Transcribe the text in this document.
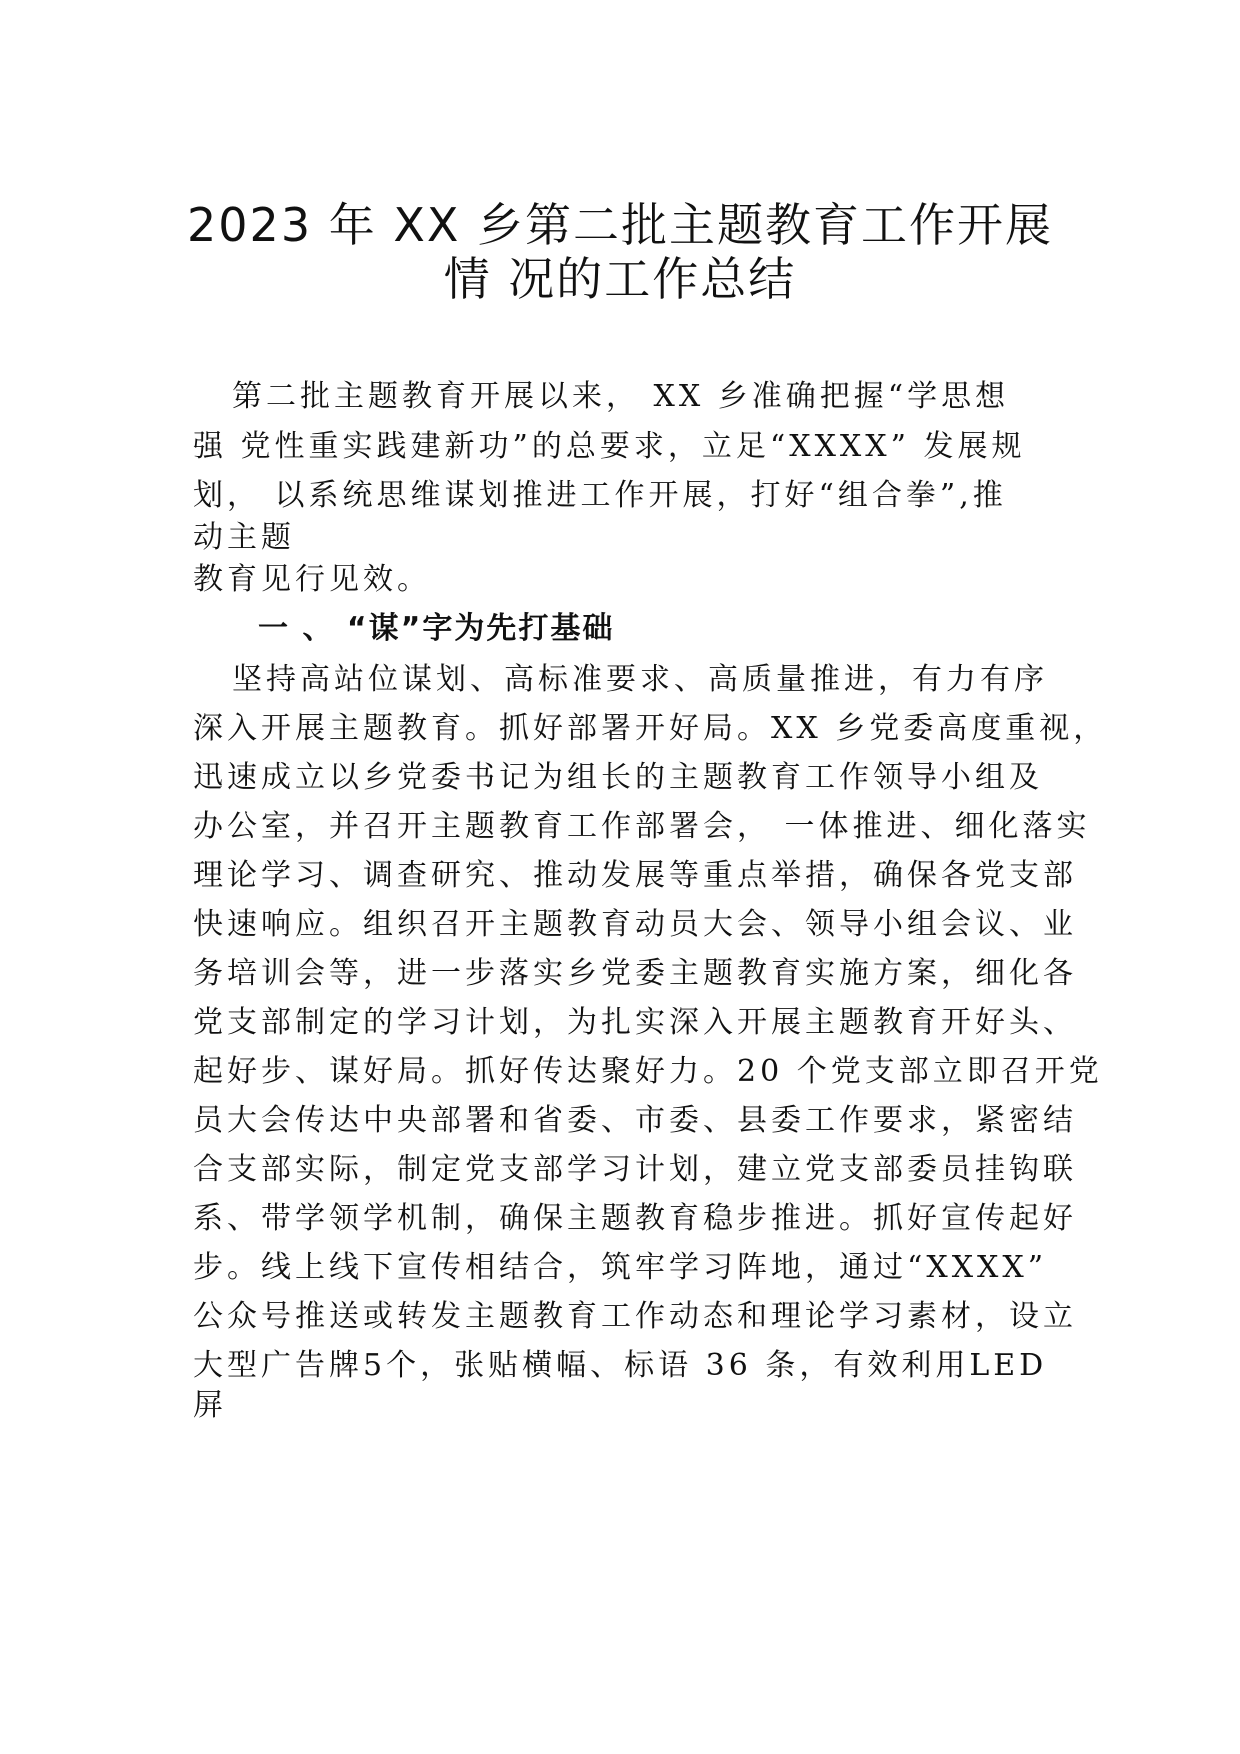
2023 年 XX 乡第二批主题教育工作开展
情 况的工作总结
第二批主题教育开展以来， XX 乡准确把握“学思想
强 党性重实践建新功”的总要求，立足“XXXX” 发展规
划， 以系统思维谋划推进工作开展，打好“组合拳”,推
动主题
教育见行见效。
一 、 “谋”字为先打基础
坚持高站位谋划、高标准要求、高质量推进，有力有序
深入开展主题教育。抓好部署开好局。XX 乡党委高度重视，
迅速成立以乡党委书记为组长的主题教育工作领导小组及
办公室，并召开主题教育工作部署会， 一体推进、细化落实
理论学习、调查研究、推动发展等重点举措，确保各党支部
快速响应。组织召开主题教育动员大会、领导小组会议、业
务培训会等，进一步落实乡党委主题教育实施方案，细化各
党支部制定的学习计划，为扎实深入开展主题教育开好头、
起好步、谋好局。抓好传达聚好力。20 个党支部立即召开党
员大会传达中央部署和省委、市委、县委工作要求，紧密结
合支部实际，制定党支部学习计划，建立党支部委员挂钩联
系、带学领学机制，确保主题教育稳步推进。抓好宣传起好
步。线上线下宣传相结合，筑牢学习阵地，通过“XXXX”
公众号推送或转发主题教育工作动态和理论学习素材，设立
大型广告牌5个，张贴横幅、标语 36 条，有效利用LED
屏
